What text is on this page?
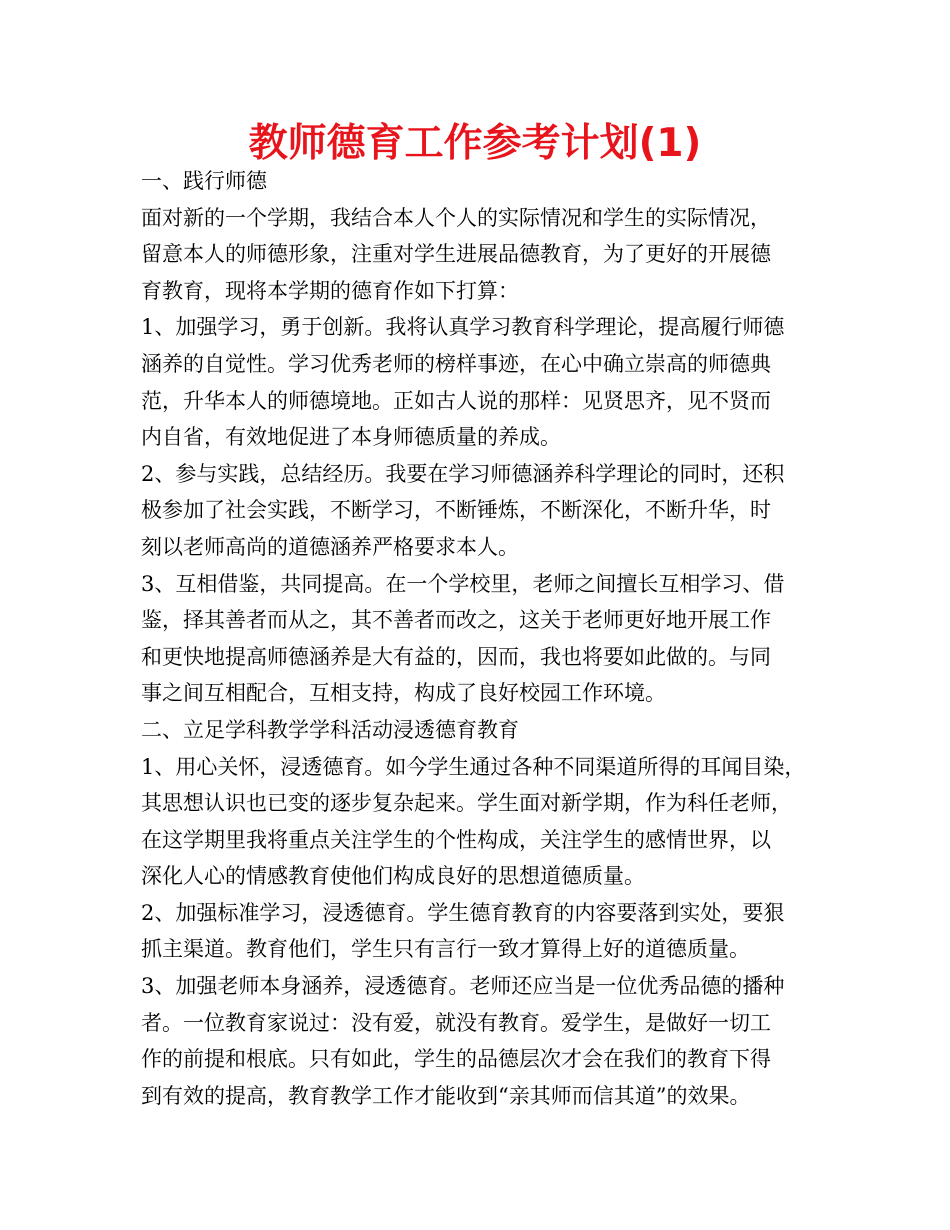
教师德育工作参考计划(1)
一、践行师德
面对新的一个学期，我结合本人个人的实际情况和学生的实际情况，
留意本人的师德形象，注重对学生进展品德教育，为了更好的开展德
育教育，现将本学期的德育作如下打算：
1、加强学习，勇于创新。我将认真学习教育科学理论，提高履行师德
涵养的自觉性。学习优秀老师的榜样事迹，在心中确立崇高的师德典
范，升华本人的师德境地。正如古人说的那样：见贤思齐，见不贤而
内自省，有效地促进了本身师德质量的养成。
2、参与实践，总结经历。我要在学习师德涵养科学理论的同时，还积
极参加了社会实践，不断学习，不断锤炼，不断深化，不断升华，时
刻以老师高尚的道德涵养严格要求本人。
3、互相借鉴，共同提高。在一个学校里，老师之间擅长互相学习、借
鉴，择其善者而从之，其不善者而改之，这关于老师更好地开展工作
和更快地提高师德涵养是大有益的，因而，我也将要如此做的。与同
事之间互相配合，互相支持，构成了良好校园工作环境。
二、立足学科教学学科活动浸透德育教育
1、用心关怀，浸透德育。如今学生通过各种不同渠道所得的耳闻目染，
其思想认识也已变的逐步复杂起来。学生面对新学期，作为科任老师，
在这学期里我将重点关注学生的个性构成，关注学生的感情世界，以
深化人心的情感教育使他们构成良好的思想道德质量。
2、加强标准学习，浸透德育。学生德育教育的内容要落到实处，要狠
抓主渠道。教育他们，学生只有言行一致才算得上好的道德质量。
3、加强老师本身涵养，浸透德育。老师还应当是一位优秀品德的播种
者。一位教育家说过：没有爱，就没有教育。爱学生，是做好一切工
作的前提和根底。只有如此，学生的品德层次才会在我们的教育下得
到有效的提高，教育教学工作才能收到“亲其师而信其道”的效果。
